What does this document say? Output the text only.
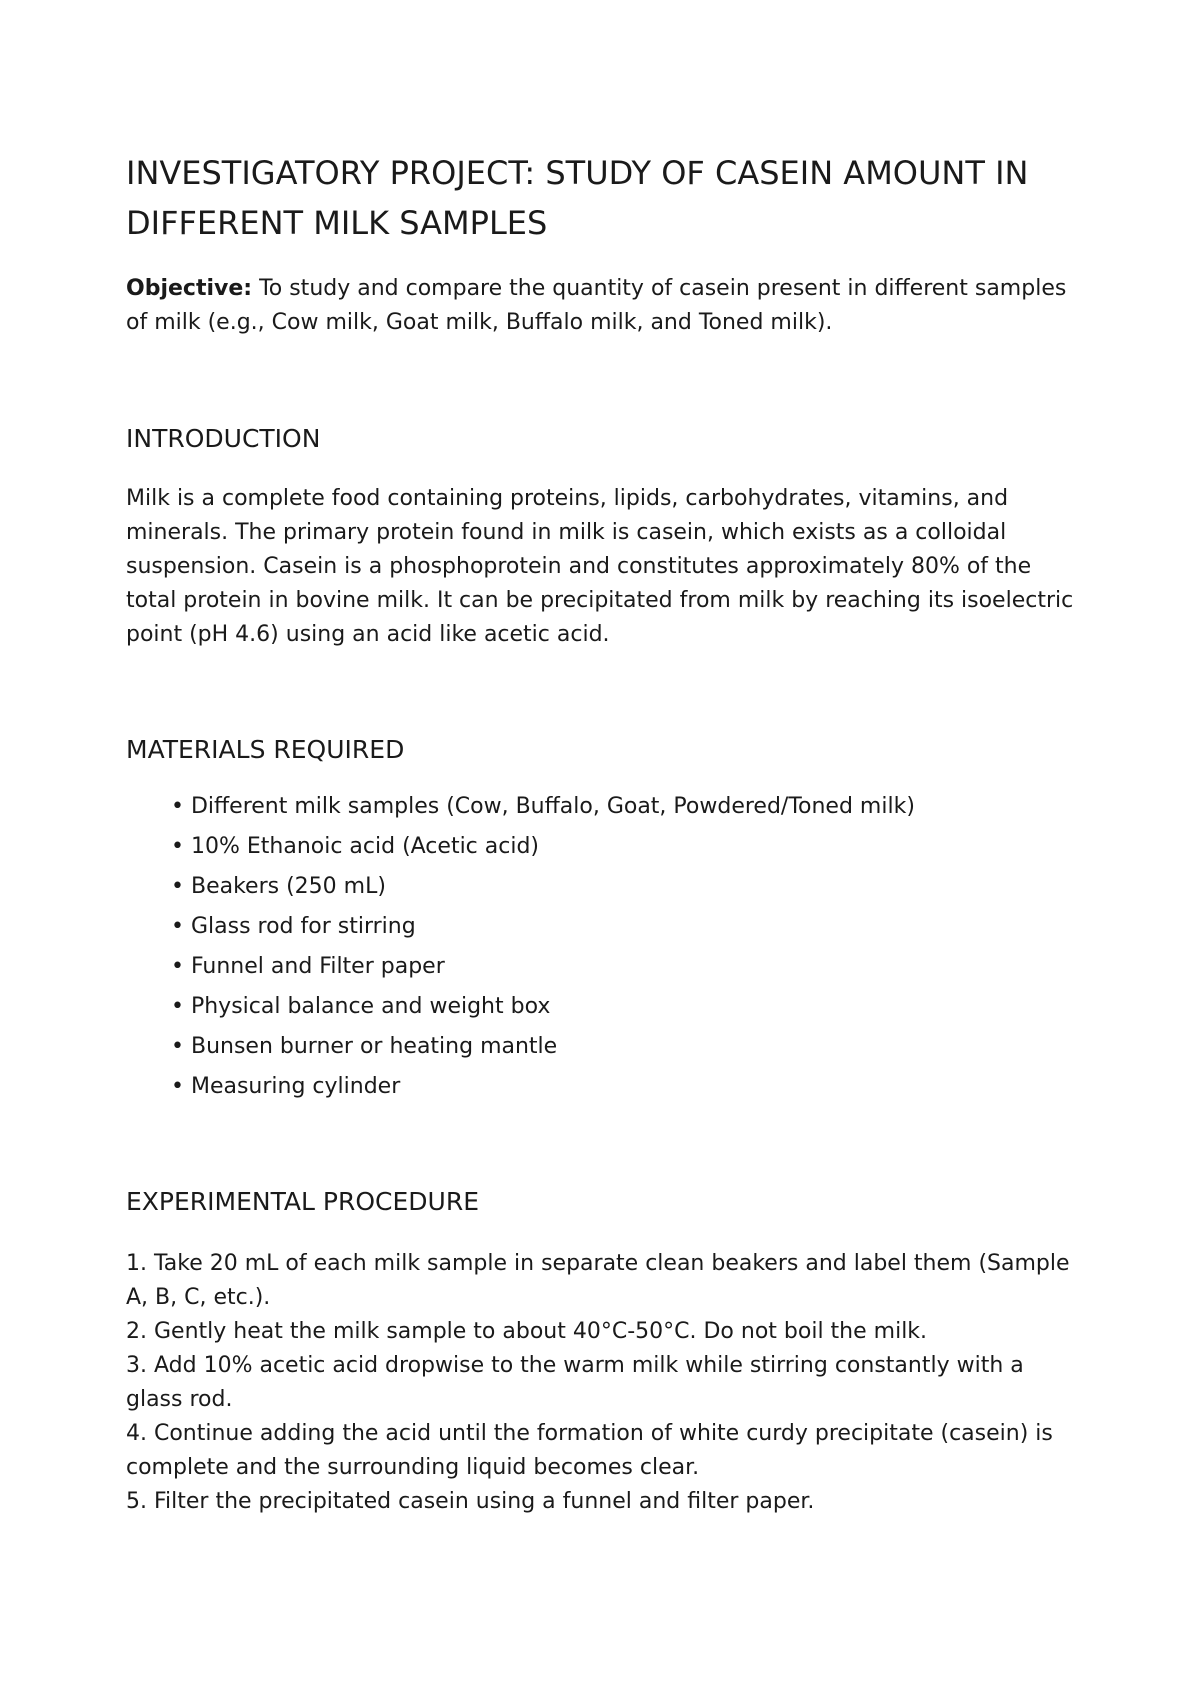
INVESTIGATORY PROJECT: STUDY OF CASEIN AMOUNT IN DIFFERENT MILK SAMPLES

Objective: To study and compare the quantity of casein present in different samples of milk (e.g., Cow milk, Goat milk, Buffalo milk, and Toned milk).

INTRODUCTION

Milk is a complete food containing proteins, lipids, carbohydrates, vitamins, and minerals. The primary protein found in milk is casein, which exists as a colloidal suspension. Casein is a phosphoprotein and constitutes approximately 80% of the total protein in bovine milk. It can be precipitated from milk by reaching its isoelectric point (pH 4.6) using an acid like acetic acid.

MATERIALS REQUIRED
• Different milk samples (Cow, Buffalo, Goat, Powdered/Toned milk)
• 10% Ethanoic acid (Acetic acid)
• Beakers (250 mL)
• Glass rod for stirring
• Funnel and Filter paper
• Physical balance and weight box
• Bunsen burner or heating mantle
• Measuring cylinder
EXPERIMENTAL PROCEDURE
1. Take 20 mL of each milk sample in separate clean beakers and label them (Sample A, B, C, etc.).
2. Gently heat the milk sample to about 40°C-50°C. Do not boil the milk.
3. Add 10% acetic acid dropwise to the warm milk while stirring constantly with a glass rod.
4. Continue adding the acid until the formation of white curdy precipitate (casein) is complete and the surrounding liquid becomes clear.
5. Filter the precipitated casein using a funnel and filter paper.
